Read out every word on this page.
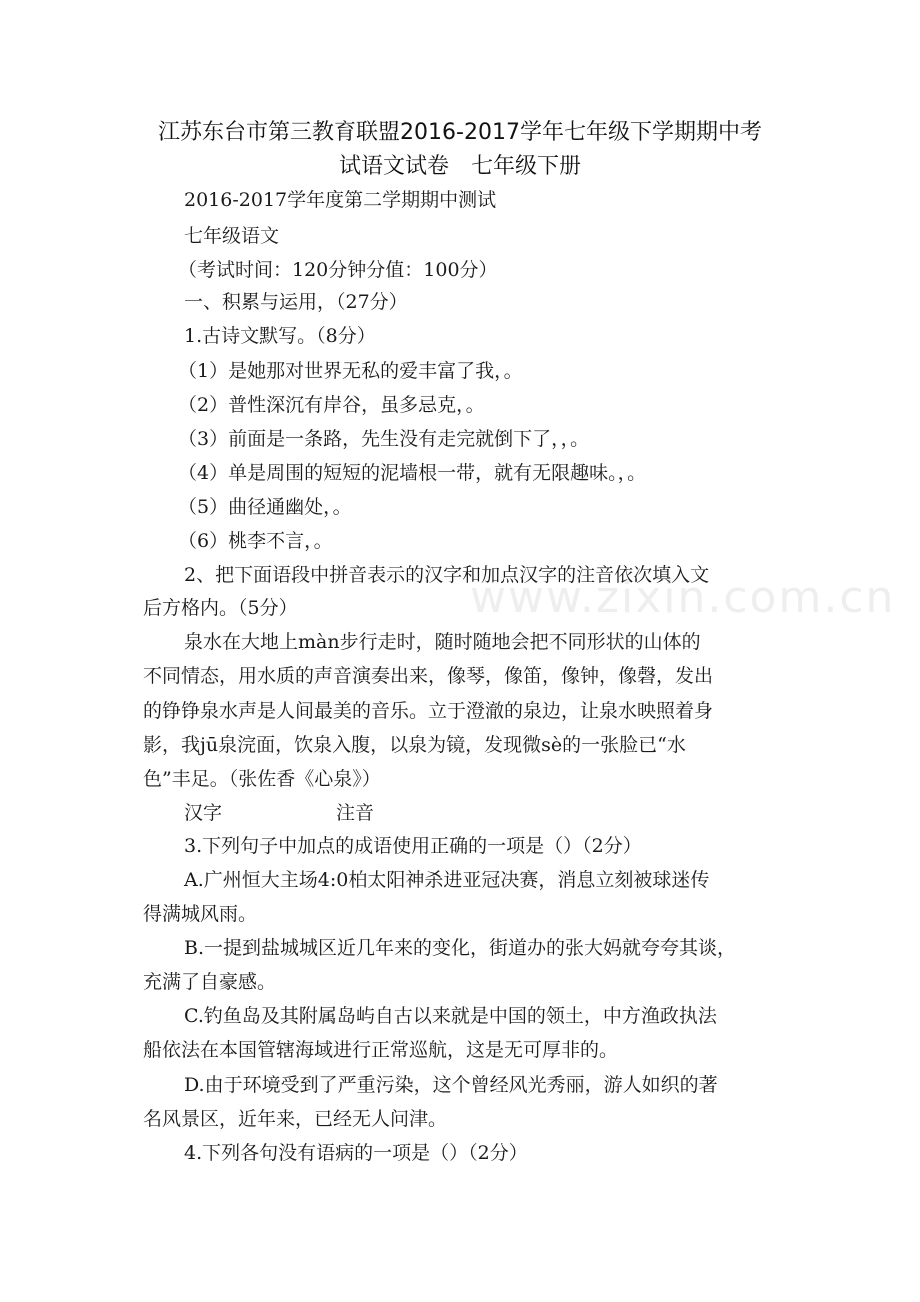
江苏东台市第三教育联盟2016-2017学年七年级下学期期中考
试语文试卷　七年级下册
2016-2017学年度第二学期期中测试
七年级语文
（考试时间：120分钟分值：100分）
一、积累与运用，（27分）
1.古诗文默写。（8分）
（1）是她那对世界无私的爱丰富了我，。
（2）普性深沉有岸谷，虽多忌克，。
（3）前面是一条路，先生没有走完就倒下了，，。
（4）单是周围的短短的泥墙根一带，就有无限趣味。，。
（5）曲径通幽处，。
（6）桃李不言，。
2、把下面语段中拼音表示的汉字和加点汉字的注音依次填入文
后方格内。（5分）
泉水在大地上màn步行走时，随时随地会把不同形状的山体的
不同情态，用水质的声音演奏出来，像琴，像笛，像钟，像磬，发出
的铮铮泉水声是人间最美的音乐。立于澄澈的泉边，让泉水映照着身
影，我jū泉浣面，饮泉入腹，以泉为镜，发现微sè的一张脸已“水
色”丰足。（张佐香《心泉》）
汉字　　　　　　注音
3.下列句子中加点的成语使用正确的一项是（）（2分）
A.广州恒大主场4:0柏太阳神杀进亚冠决赛，消息立刻被球迷传
得满城风雨。
B.一提到盐城城区近几年来的变化，街道办的张大妈就夸夸其谈，
充满了自豪感。
C.钓鱼岛及其附属岛屿自古以来就是中国的领土，中方渔政执法
船依法在本国管辖海域进行正常巡航，这是无可厚非的。
D.由于环境受到了严重污染，这个曾经风光秀丽，游人如织的著
名风景区，近年来，已经无人问津。
4.下列各句没有语病的一项是（）（2分）
www.zixin.com.cn
